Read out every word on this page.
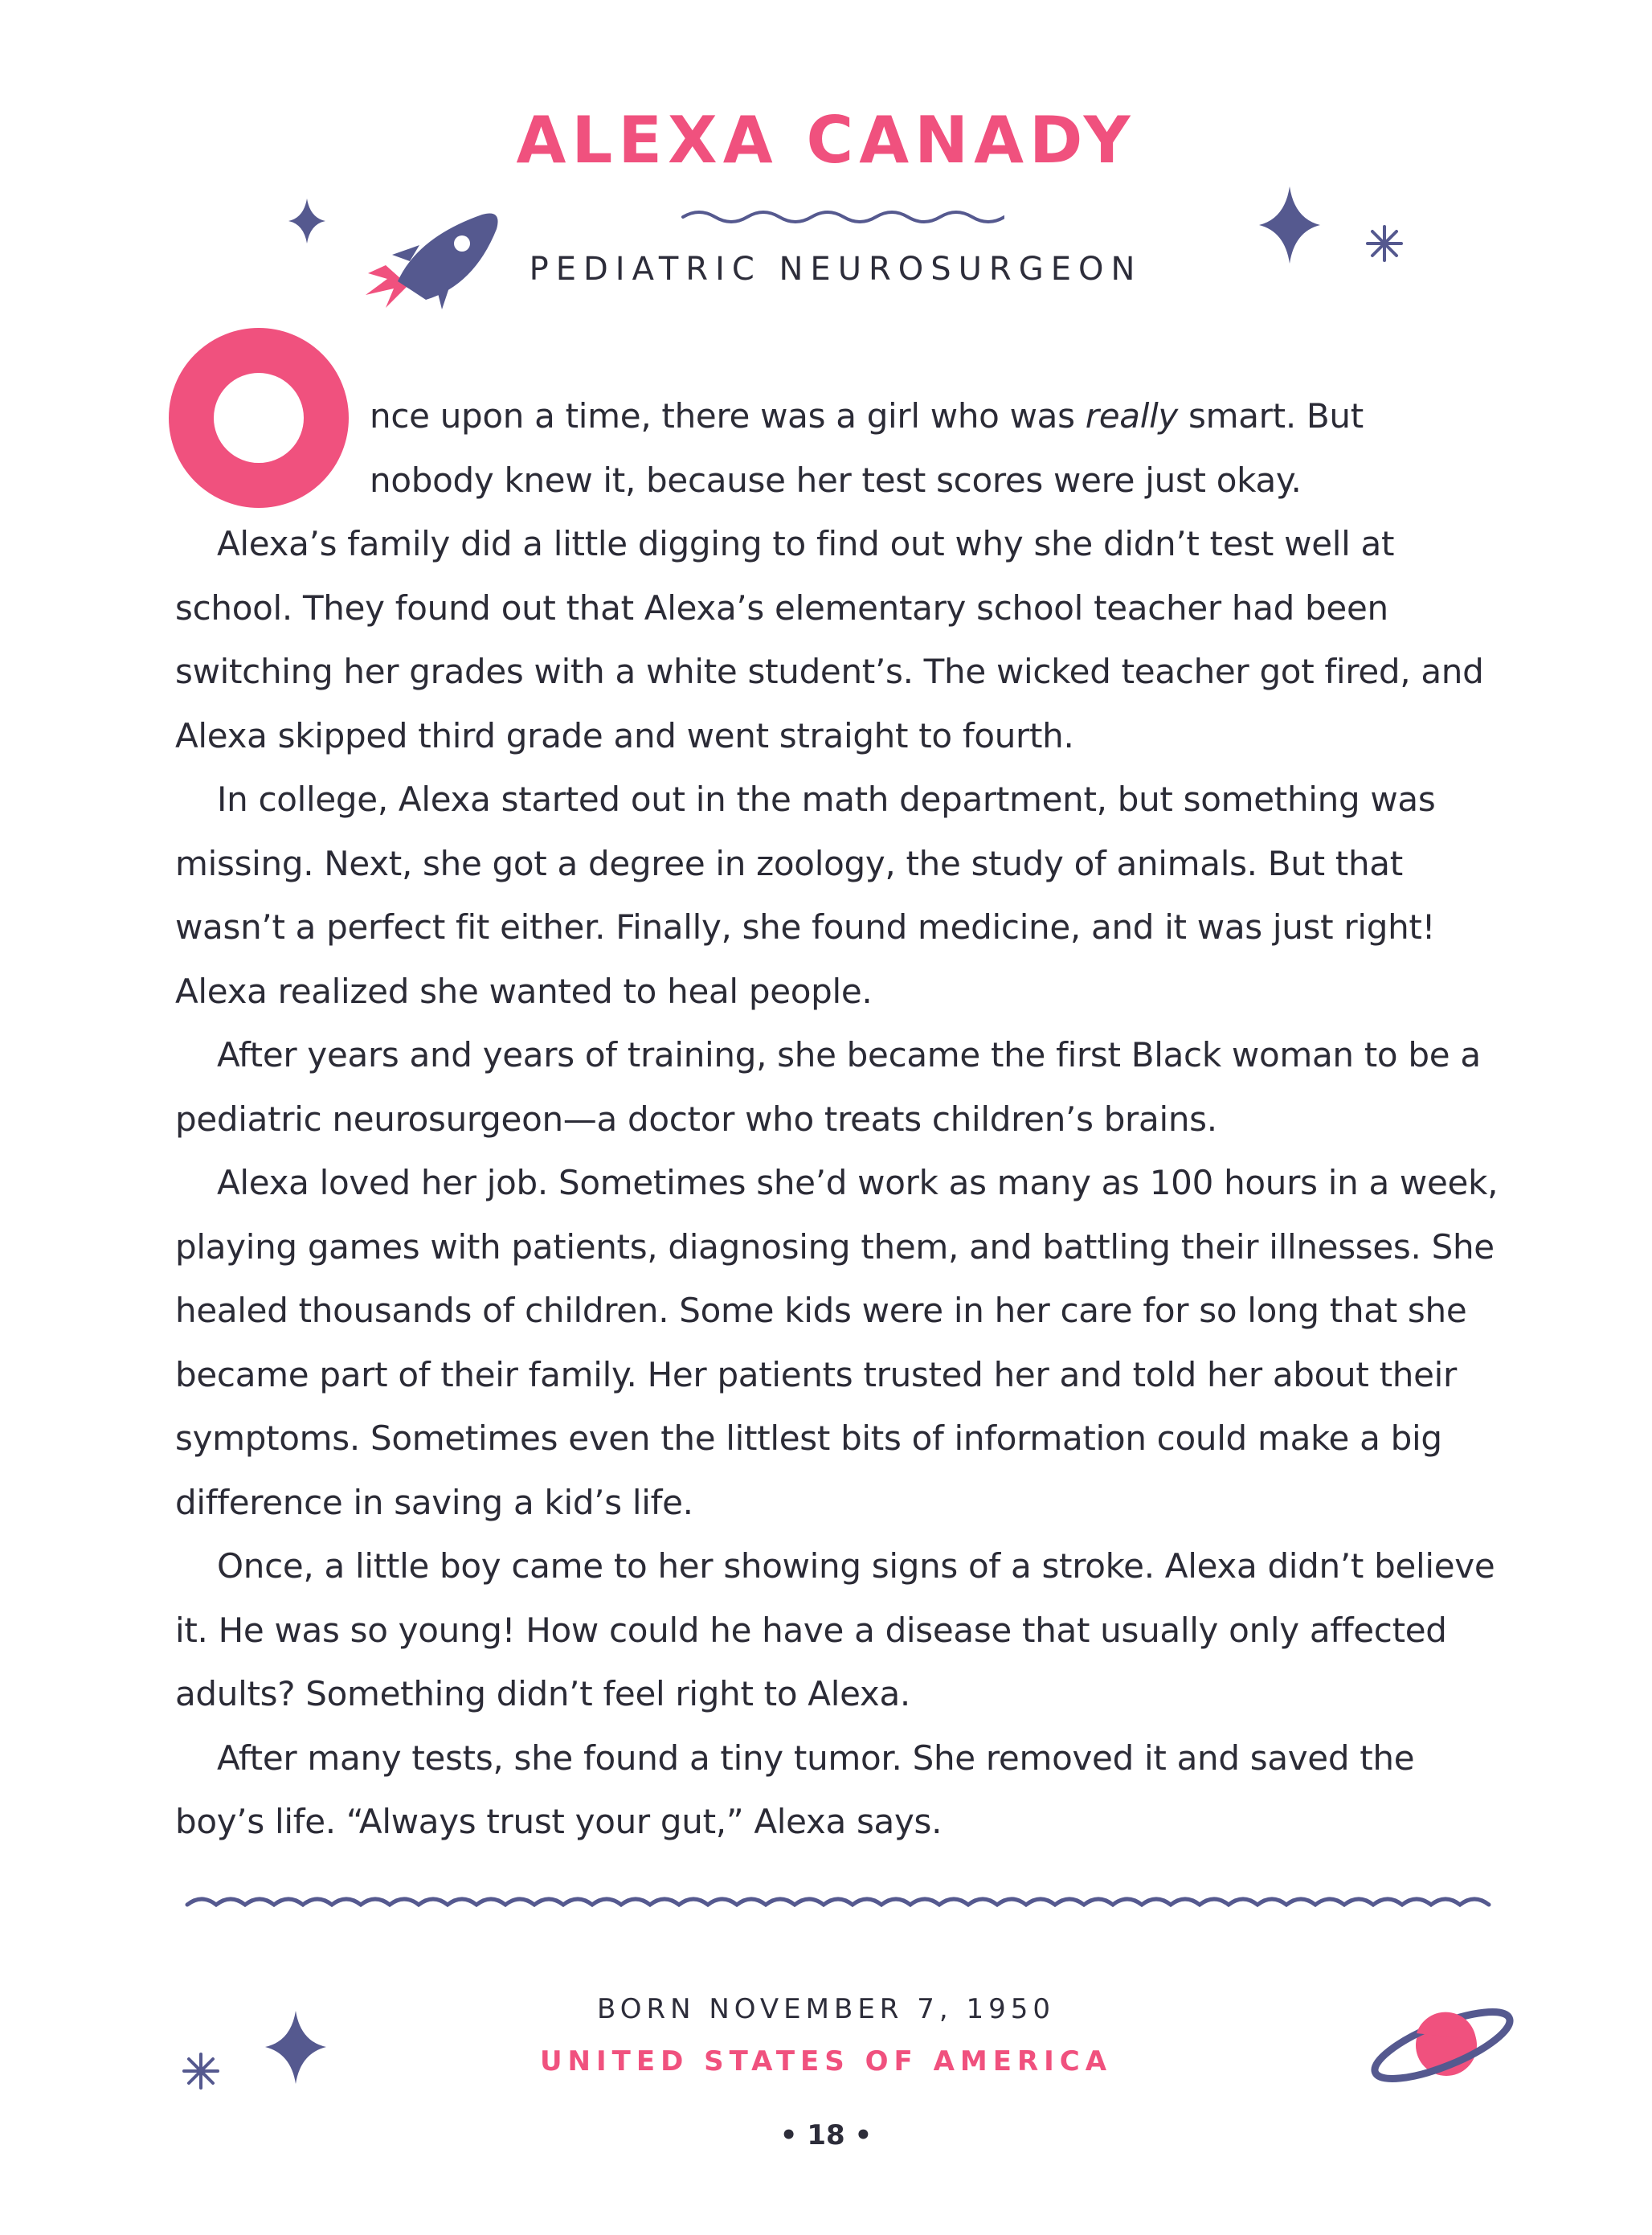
ALEXA CANADY
PEDIATRIC NEUROSURGEON

nce upon a time, there was a girl who was really smart. But
nobody knew it, because her test scores were just okay.

Alexa’s family did a little digging to find out why she didn’t test well at school. They found out that Alexa’s elementary school teacher had been switching her grades with a white student’s. The wicked teacher got fired, and Alexa skipped third grade and went straight to fourth.

In college, Alexa started out in the math department, but something was missing. Next, she got a degree in zoology, the study of animals. But that wasn’t a perfect fit either. Finally, she found medicine, and it was just right! Alexa realized she wanted to heal people.

After years and years of training, she became the first Black woman to be a pediatric neurosurgeon—a doctor who treats children’s brains.

Alexa loved her job. Sometimes she’d work as many as 100 hours in a week, playing games with patients, diagnosing them, and battling their illnesses. She healed thousands of children. Some kids were in her care for so long that she became part of their family. Her patients trusted her and told her about their symptoms. Sometimes even the littlest bits of information could make a big difference in saving a kid’s life.

Once, a little boy came to her showing signs of a stroke. Alexa didn’t believe it. He was so young! How could he have a disease that usually only affected adults? Something didn’t feel right to Alexa.

After many tests, she found a tiny tumor. She removed it and saved the boy’s life. “Always trust your gut,” Alexa says.

BORN NOVEMBER 7, 1950
UNITED STATES OF AMERICA
• 18 •
